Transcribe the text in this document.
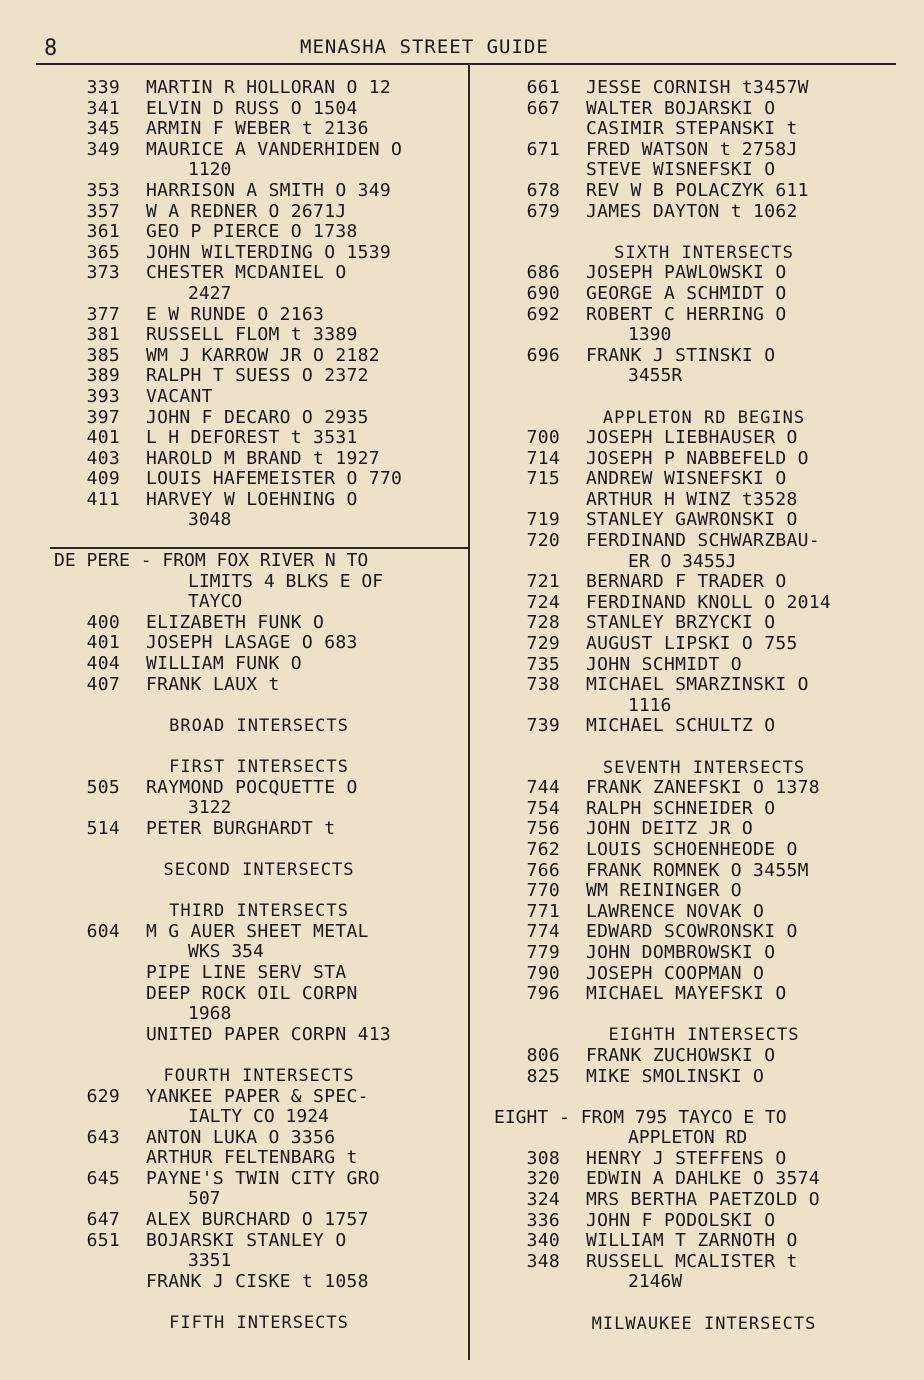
8	MENASHA STREET GUIDE
339	MARTIN R HOLLORAN O 12
341	ELVIN D RUSS O 1504
345	ARMIN F WEBER t 2136
349	MAURICE A VANDERHIDEN O
1120
353	HARRISON A SMITH O 349
357	W A REDNER O 2671J
361	GEO P PIERCE O 1738
365	JOHN WILTERDING O 1539
373	CHESTER MCDANIEL O
2427
377	E W RUNDE O 2163
381	RUSSELL FLOM t 3389
385	WM J KARROW JR O 2182
389	RALPH T SUESS O 2372
393	VACANT
397	JOHN F DECARO O 2935
401	L H DEFOREST t 3531
403	HAROLD M BRAND t 1927
409	LOUIS HAFEMEISTER O 770
411	HARVEY W LOEHNING O
3048
DE PERE - FROM FOX RIVER N TO
LIMITS 4 BLKS E OF
TAYCO
400	ELIZABETH FUNK O
401	JOSEPH LASAGE O 683
404	WILLIAM FUNK O
407	FRANK LAUX t
BROAD INTERSECTS
FIRST INTERSECTS
505	RAYMOND POCQUETTE O
3122
514	PETER BURGHARDT t
SECOND INTERSECTS
THIRD INTERSECTS
604	M G AUER SHEET METAL
WKS 354
PIPE LINE SERV STA
DEEP ROCK OIL CORPN
1968
UNITED PAPER CORPN 413
FOURTH INTERSECTS
629	YANKEE PAPER & SPEC-
IALTY CO 1924
643	ANTON LUKA O 3356
ARTHUR FELTENBARG t
645	PAYNE'S TWIN CITY GRO
507
647	ALEX BURCHARD O 1757
651	BOJARSKI STANLEY O
3351
FRANK J CISKE t 1058
FIFTH INTERSECTS
661	JESSE CORNISH t3457W
667	WALTER BOJARSKI O
CASIMIR STEPANSKI t
671	FRED WATSON t 2758J
STEVE WISNEFSKI O
678	REV W B POLACZYK 611
679	JAMES DAYTON t 1062
SIXTH INTERSECTS
686	JOSEPH PAWLOWSKI O
690	GEORGE A SCHMIDT O
692	ROBERT C HERRING O
1390
696	FRANK J STINSKI O
3455R
APPLETON RD BEGINS
700	JOSEPH LIEBHAUSER O
714	JOSEPH P NABBEFELD O
715	ANDREW WISNEFSKI O
ARTHUR H WINZ t3528
719	STANLEY GAWRONSKI O
720	FERDINAND SCHWARZBAU-
ER O 3455J
721	BERNARD F TRADER O
724	FERDINAND KNOLL O 2014
728	STANLEY BRZYCKI O
729	AUGUST LIPSKI O 755
735	JOHN SCHMIDT O
738	MICHAEL SMARZINSKI O
1116
739	MICHAEL SCHULTZ O
SEVENTH INTERSECTS
744	FRANK ZANEFSKI O 1378
754	RALPH SCHNEIDER O
756	JOHN DEITZ JR O
762	LOUIS SCHOENHEODE O
766	FRANK ROMNEK O 3455M
770	WM REININGER O
771	LAWRENCE NOVAK O
774	EDWARD SCOWRONSKI O
779	JOHN DOMBROWSKI O
790	JOSEPH COOPMAN O
796	MICHAEL MAYEFSKI O
EIGHTH INTERSECTS
806	FRANK ZUCHOWSKI O
825	MIKE SMOLINSKI O
EIGHT - FROM 795 TAYCO E TO
APPLETON RD
308	HENRY J STEFFENS O
320	EDWIN A DAHLKE O 3574
324	MRS BERTHA PAETZOLD O
336	JOHN F PODOLSKI O
340	WILLIAM T ZARNOTH O
348	RUSSELL MCALISTER t
2146W
MILWAUKEE INTERSECTS
